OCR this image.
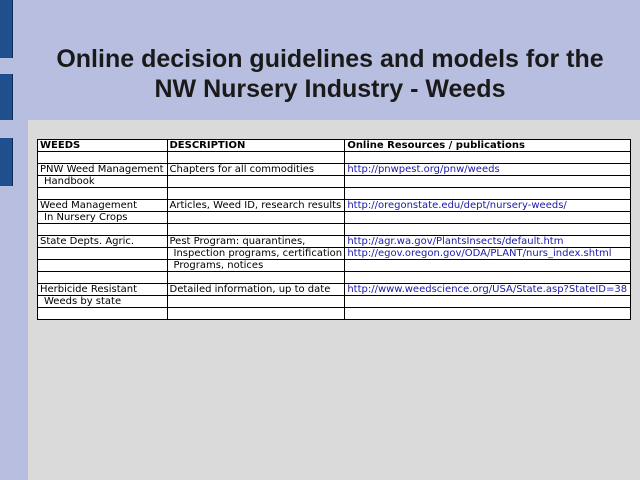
Online decision guidelines and models for the
NW Nursery Industry - Weeds
WEEDS	DESCRIPTION	Online Resources / publications

PNW Weed Management	Chapters for all commodities	http://pnwpest.org/pnw/weeds
Handbook		

Weed Management	Articles, Weed ID, research results	http://oregonstate.edu/dept/nursery-weeds/
In Nursery Crops		

State Depts. Agric.	Pest Program: quarantines,	http://agr.wa.gov/PlantsInsects/default.htm
	Inspection programs, certification	http://egov.oregon.gov/ODA/PLANT/nurs_index.shtml
	Programs, notices	

Herbicide Resistant	Detailed information, up to date	http://www.weedscience.org/USA/State.asp?StateID=38
Weeds by state		
